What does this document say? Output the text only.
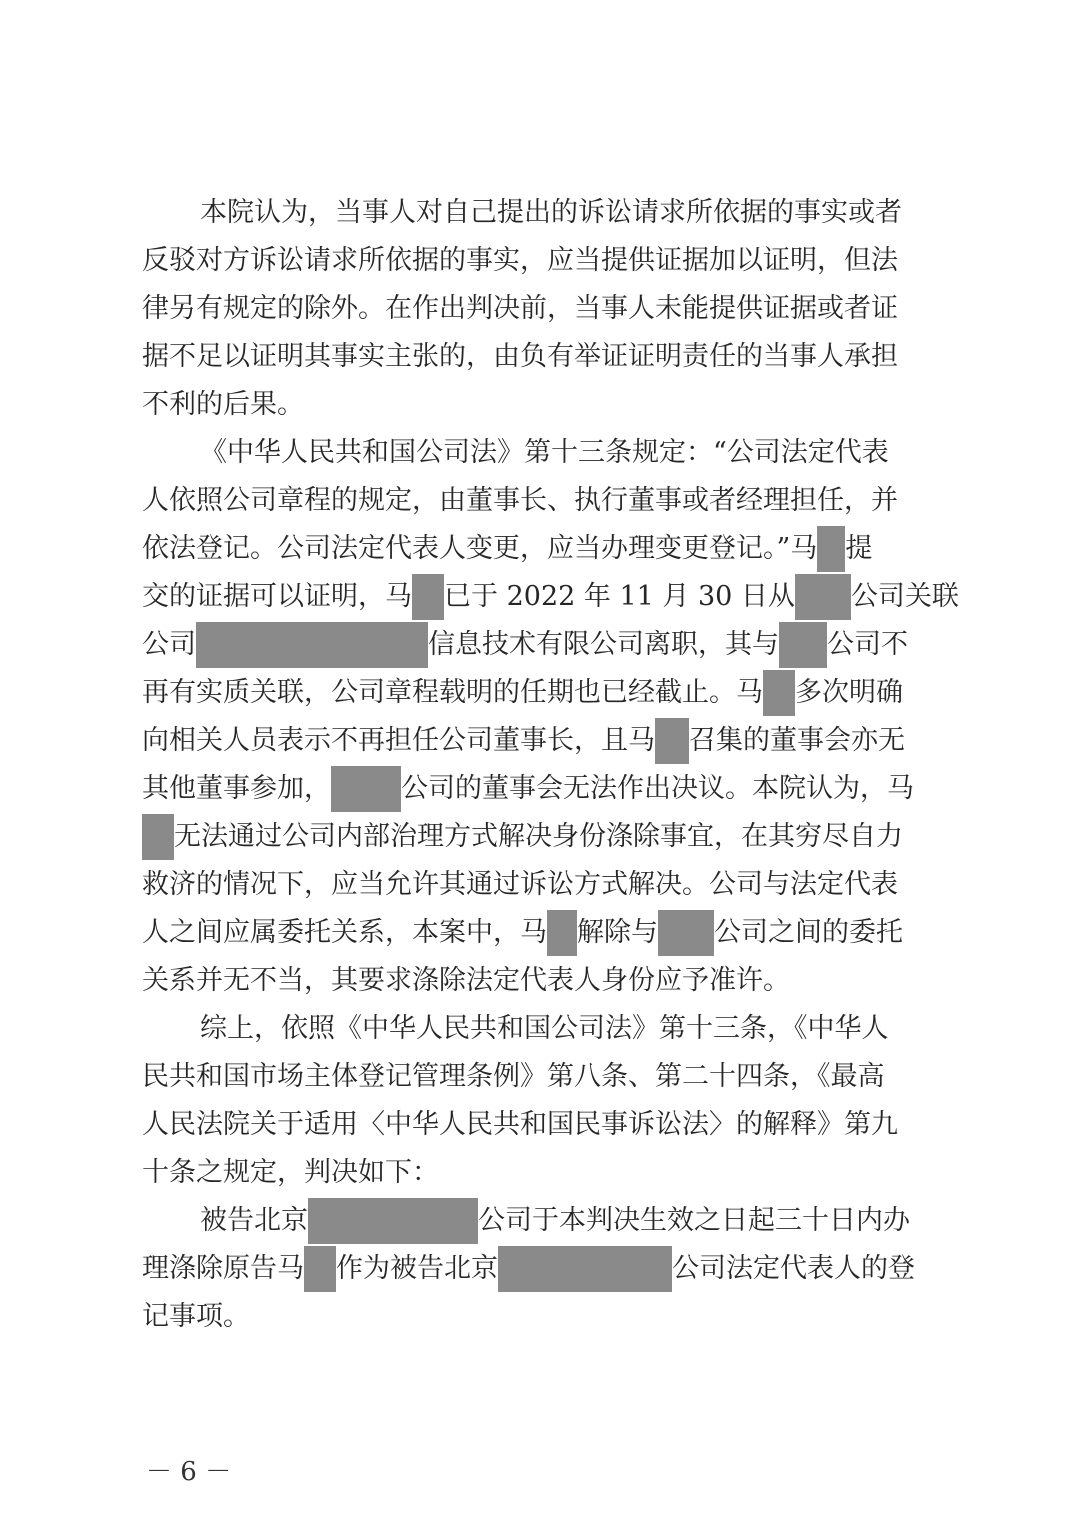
本院认为，当事人对自己提出的诉讼请求所依据的事实或者
反驳对方诉讼请求所依据的事实，应当提供证据加以证明，但法
律另有规定的除外。在作出判决前，当事人未能提供证据或者证
据不足以证明其事实主张的，由负有举证证明责任的当事人承担
不利的后果。
《中华人民共和国公司法》第十三条规定：“公司法定代表
人依照公司章程的规定，由董事长、执行董事或者经理担任，并
依法登记。公司法定代表人变更，应当办理变更登记。”马 提
交的证据可以证明，马 已于 2022 年 11 月 30 日从 公司关联
公司	信息技术有限公司离职，其与 公司不
再有实质关联，公司章程载明的任期也已经截止。马 多次明确
向相关人员表示不再担任公司董事长，且马 召集的董事会亦无
其他董事参加，	公司的董事会无法作出决议。本院认为，马
无法通过公司内部治理方式解决身份涤除事宜，在其穷尽自力
救济的情况下，应当允许其通过诉讼方式解决。公司与法定代表
人之间应属委托关系，本案中，马 解除与 公司之间的委托
关系并无不当，其要求涤除法定代表人身份应予准许。
综上，依照《中华人民共和国公司法》第十三条，《中华人
民共和国市场主体登记管理条例》第八条、第二十四条，《最高
人民法院关于适用〈中华人民共和国民事诉讼法〉的解释》第九
十条之规定，判决如下：
被告北京	公司于本判决生效之日起三十日内办
理涤除原告马 作为被告北京	公司法定代表人的登
记事项。
－ 6 －
